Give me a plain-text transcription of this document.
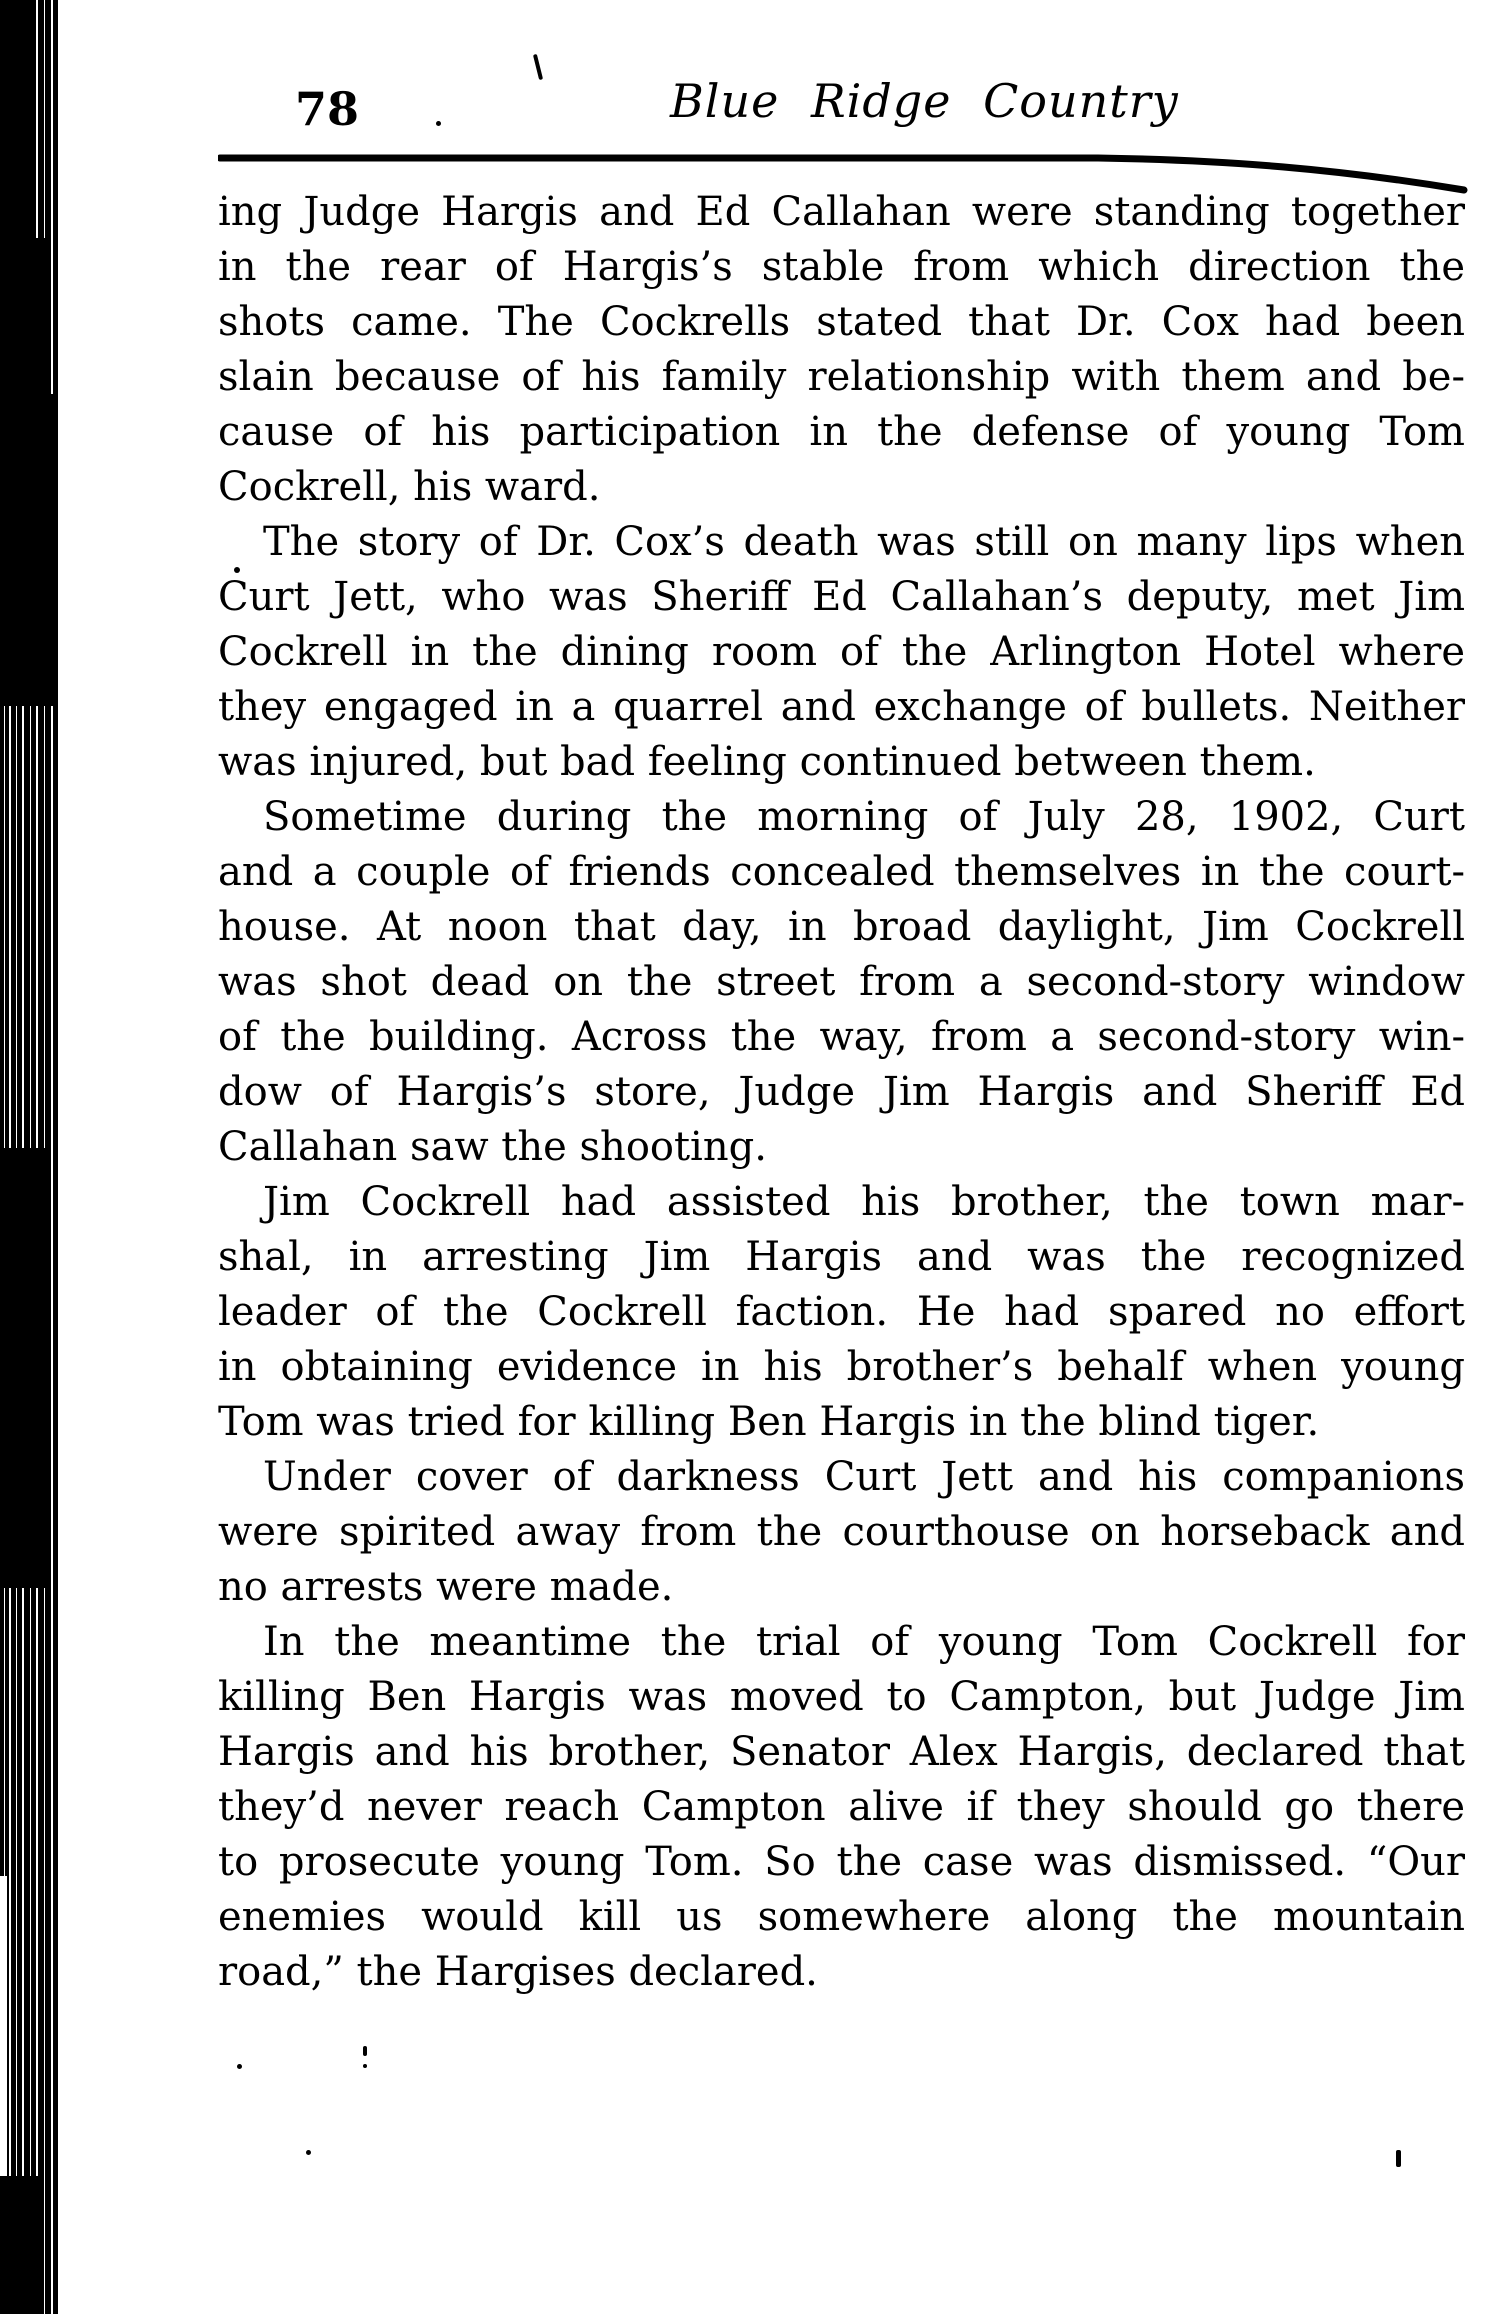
78	Blue Ridge Country
ing Judge Hargis and Ed Callahan were standing together
in the rear of Hargis’s stable from which direction the
shots came. The Cockrells stated that Dr. Cox had been
slain because of his family relationship with them and be-
cause of his participation in the defense of young Tom
Cockrell, his ward.
The story of Dr. Cox’s death was still on many lips when
Curt Jett, who was Sheriff Ed Callahan’s deputy, met Jim
Cockrell in the dining room of the Arlington Hotel where
they engaged in a quarrel and exchange of bullets. Neither
was injured, but bad feeling continued between them.
Sometime during the morning of July 28, 1902, Curt
and a couple of friends concealed themselves in the court-
house. At noon that day, in broad daylight, Jim Cockrell
was shot dead on the street from a second-story window
of the building. Across the way, from a second-story win-
dow of Hargis’s store, Judge Jim Hargis and Sheriff Ed
Callahan saw the shooting.
Jim Cockrell had assisted his brother, the town mar-
shal, in arresting Jim Hargis and was the recognized
leader of the Cockrell faction. He had spared no effort
in obtaining evidence in his brother’s behalf when young
Tom was tried for killing Ben Hargis in the blind tiger.
Under cover of darkness Curt Jett and his companions
were spirited away from the courthouse on horseback and
no arrests were made.
In the meantime the trial of young Tom Cockrell for
killing Ben Hargis was moved to Campton, but Judge Jim
Hargis and his brother, Senator Alex Hargis, declared that
they’d never reach Campton alive if they should go there
to prosecute young Tom. So the case was dismissed. “Our
enemies would kill us somewhere along the mountain
road,” the Hargises declared.
